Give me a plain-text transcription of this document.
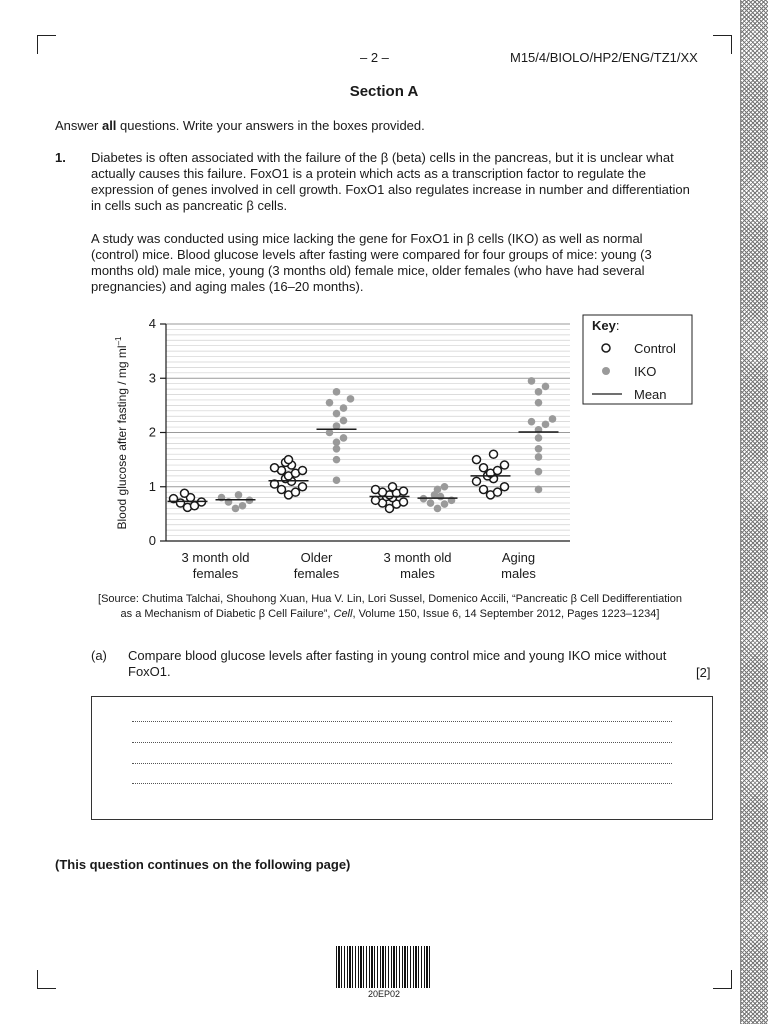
– 2 –	M15/4/BIOLO/HP2/ENG/TZ1/XX

Section A

Answer all questions. Write your answers in the boxes provided.

1. Diabetes is often associated with the failure of the β (beta) cells in the pancreas, but it is unclear what actually causes this failure. FoxO1 is a protein which acts as a transcription factor to regulate the expression of genes involved in cell growth. FoxO1 also regulates increase in number and differentiation in cells such as pancreatic β cells.

A study was conducted using mice lacking the gene for FoxO1 in β cells (IKO) as well as normal (control) mice. Blood glucose levels after fasting were compared for four groups of mice: young (3 months old) male mice, young (3 months old) female mice, older females (who have had several pregnancies) and aging males (16–20 months).

0
1
2
3
4
3 month old
females
Older
females
3 month old
males
Aging
males
Blood glucose after fasting / mg $ml^{-1}$
Key:
Control
IKO
Mean

[Source: Chutima Talchai, Shouhong Xuan, Hua V. Lin, Lori Sussel, Domenico Accili, “Pancreatic β Cell Dedifferentiation
as a Mechanism of Diabetic β Cell Failure”, Cell, Volume 150, Issue 6, 14 September 2012, Pages 1223–1234]

(a) Compare blood glucose levels after fasting in young control mice and young IKO mice without FoxO1.	[2]

(This question continues on the following page)

20EP02
